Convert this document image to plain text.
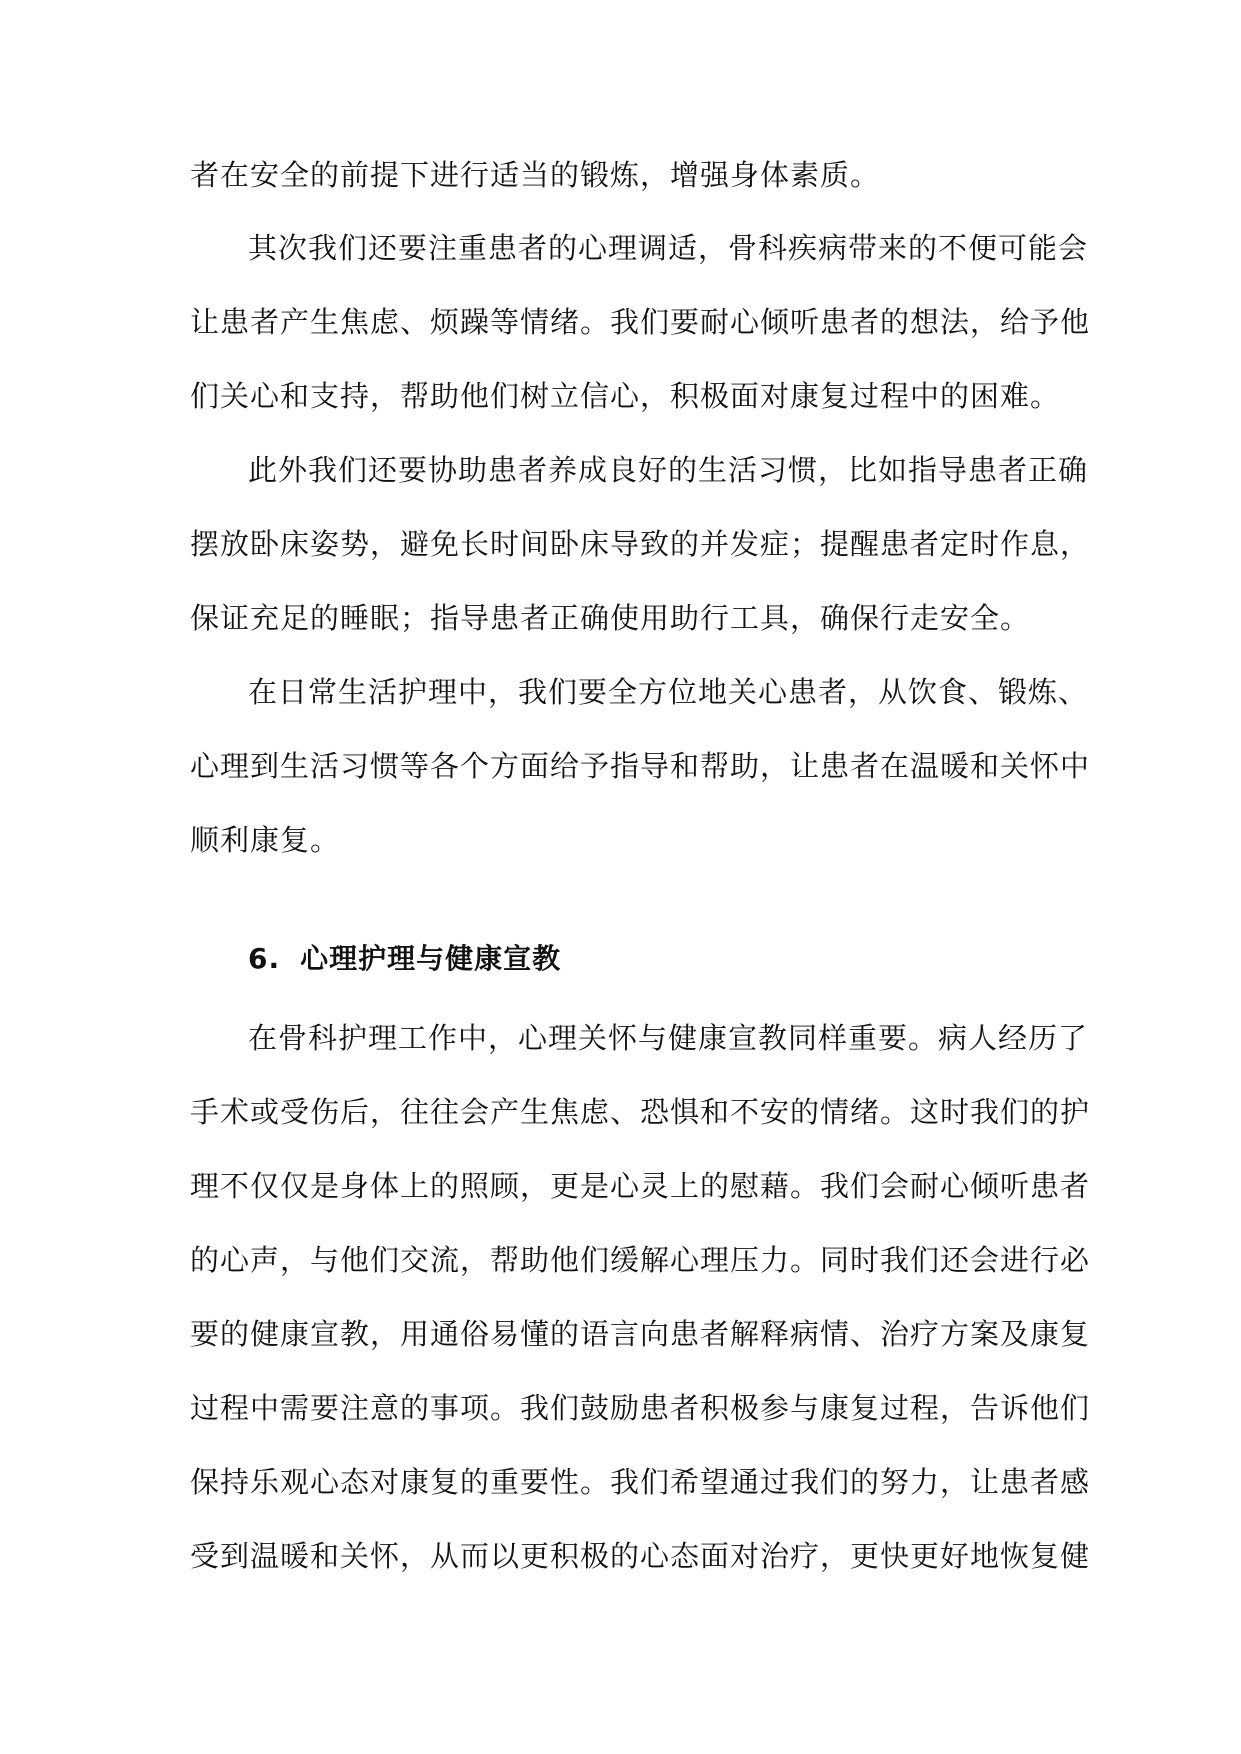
者在安全的前提下进行适当的锻炼，增强身体素质。
其次我们还要注重患者的心理调适，骨科疾病带来的不便可能会
让患者产生焦虑、烦躁等情绪。我们要耐心倾听患者的想法，给予他
们关心和支持，帮助他们树立信心，积极面对康复过程中的困难。
此外我们还要协助患者养成良好的生活习惯，比如指导患者正确
摆放卧床姿势，避免长时间卧床导致的并发症；提醒患者定时作息，
保证充足的睡眠；指导患者正确使用助行工具，确保行走安全。
在日常生活护理中，我们要全方位地关心患者，从饮食、锻炼、
心理到生活习惯等各个方面给予指导和帮助，让患者在温暖和关怀中
顺利康复。
6. 心理护理与健康宣教
在骨科护理工作中，心理关怀与健康宣教同样重要。病人经历了
手术或受伤后，往往会产生焦虑、恐惧和不安的情绪。这时我们的护
理不仅仅是身体上的照顾，更是心灵上的慰藉。我们会耐心倾听患者
的心声，与他们交流，帮助他们缓解心理压力。同时我们还会进行必
要的健康宣教，用通俗易懂的语言向患者解释病情、治疗方案及康复
过程中需要注意的事项。我们鼓励患者积极参与康复过程，告诉他们
保持乐观心态对康复的重要性。我们希望通过我们的努力，让患者感
受到温暖和关怀，从而以更积极的心态面对治疗，更快更好地恢复健
